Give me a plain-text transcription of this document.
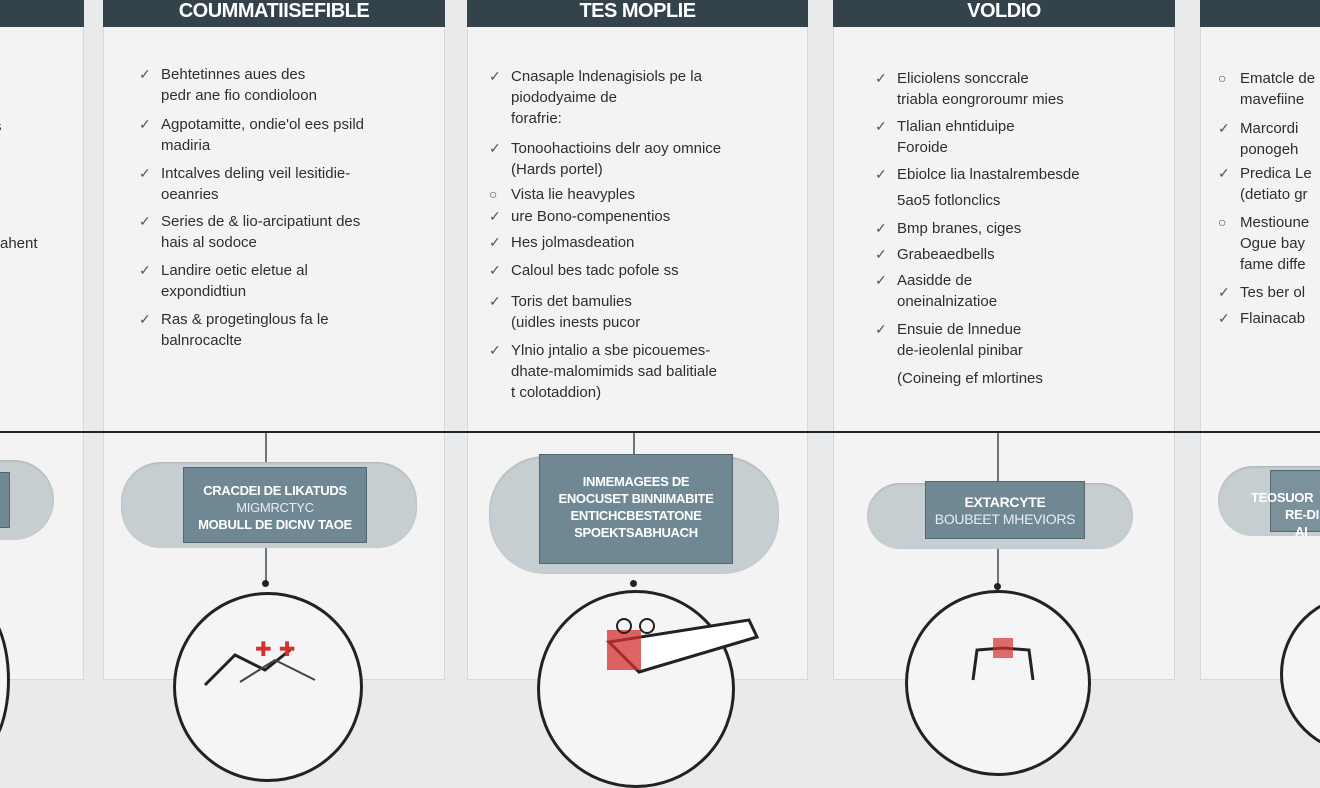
ahent
COUMMATIISEFIBLE
✓ Behtetinnes aues des
pedr ane fio condioloon
✓ Agpotamitte, ondie'ol ees psild
madiria
✓ Intcalves deling veil lesitidie-
oeanries
✓ Series de & lio-arcipatiunt des
hais al sodoce
✓ Landire oetic eletue al
expondidtiun
✓ Ras & progetinglous fa le
balnrocaclte
CRACDEI DE LIKATUDS
MIGMRCTYC
MOBULL DE DICNV TAOE
✚ ✚
TES MOPLIE
✓ Cnasaple lndenagisiols pe la
piododyaime de
forafrie:
✓ Tonoohactioins delr aoy omnice
(Hards portel)
○ Vista lie heavyples
✓ ure Bono-compenentios
✓ Hes jolmasdeation
✓ Caloul bes tadc pofole ss
✓ Toris det bamulies
(uidles inests pucor
✓ Ylnio jntalio a sbe picouemes-
dhate-malomimids sad balitiale
t colotaddion)
INMEMAGEES DE
ENOCUSET BINNIMABITE
ENTICHCBESTATONE
SPOEKTSABHUACH
VOLDIO
✓ Eliciolens sonccrale
triabla eongroroumr mies
✓ Tlalian ehntiduipe
Foroide
✓ Ebiolce lia lnastalrembesde
5ao5 fotlonclics
✓ Bmp branes, ciges
✓ Grabeaedbells
✓ Aasidde de
oneinalnizatioe
✓ Ensuie de lnnedue
de-ieolenlal pinibar
(Coineing ef mlortines
EXTARCYTE
BOUBEET MHEVIORS
○ Ematcle de
mavefiine
✓ Marcordi
ponogeh
✓ Predica Le
(detiato gr
○ Mestioune
Ogue bay
fame diffe
✓ Tes ber ol
✓ Flainacab
TEOSUOR
RE-DI
AI
